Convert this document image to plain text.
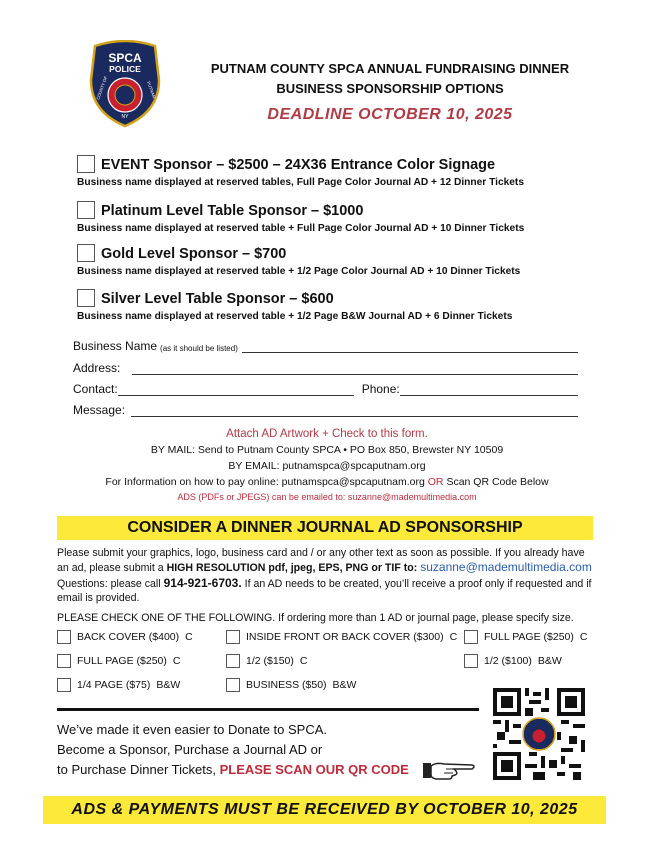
SPCA
POLICE
COUNTY OF	PUTNAM
NY
PUTNAM COUNTY SPCA ANNUAL FUNDRAISING DINNER
BUSINESS SPONSORSHIP OPTIONS
DEADLINE OCTOBER 10, 2025
EVENT Sponsor – $2500 – 24X36 Entrance Color Signage
Business name displayed at reserved tables, Full Page Color Journal AD + 12 Dinner Tickets
Platinum Level Table Sponsor – $1000
Business name displayed at reserved table + Full Page Color Journal AD + 10 Dinner Tickets
Gold Level Sponsor – $700
Business name displayed at reserved table + 1/2 Page Color Journal AD + 10 Dinner Tickets
Silver Level Table Sponsor – $600
Business name displayed at reserved table + 1/2 Page B&W Journal AD + 6 Dinner Tickets
Business Name (as it should be listed)
Address:
Contact:	Phone:
Message:
Attach AD Artwork + Check to this form.
BY MAIL: Send to Putnam County SPCA • PO Box 850, Brewster NY 10509
BY EMAIL: putnamspca@spcaputnam.org
For Information on how to pay online: putnamspca@spcaputnam.org OR Scan QR Code Below
ADS (PDFs or JPEGS) can be emailed to: suzanne@mademultimedia.com
CONSIDER A DINNER JOURNAL AD SPONSORSHIP
Please submit your graphics, logo, business card and / or any other text as soon as possible. If you already have an ad, please submit a HIGH RESOLUTION pdf, jpeg, EPS, PNG or TIF to: suzanne@mademultimedia.com
Questions: please call 914-921-6703. If an AD needs to be created, you’ll receive a proof only if requested and if email is provided.
PLEASE CHECK ONE OF THE FOLLOWING. If ordering more than 1 AD or journal page, please specify size.
BACK COVER ($400) C	INSIDE FRONT OR BACK COVER ($300) C	FULL PAGE ($250) C
FULL PAGE ($250) C	1/2 ($150) C	1/2 ($100) B&W
1/4 PAGE ($75) B&W	BUSINESS ($50) B&W
We’ve made it even easier to Donate to SPCA.
Become a Sponsor, Purchase a Journal AD or
to Purchase Dinner Tickets, PLEASE SCAN OUR QR CODE
ADS & PAYMENTS MUST BE RECEIVED BY OCTOBER 10, 2025
